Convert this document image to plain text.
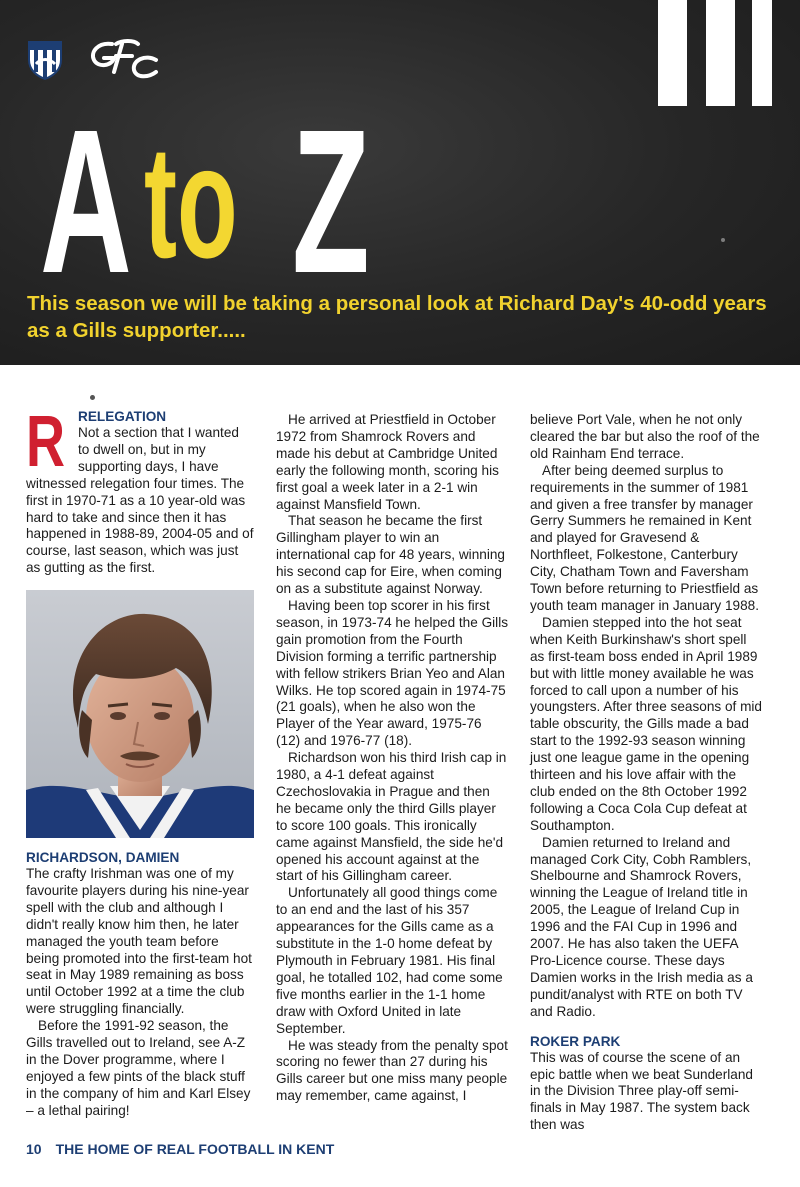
Ato Z
This season we will be taking a personal look at Richard Day's 40-odd years as a Gills supporter.....
R RELEGATION

Not a section that I wanted to dwell on, but in my supporting days, I have witnessed relegation four times. The first in 1970-71 as a 10 year-old was hard to take and since then it has happened in 1988-89, 2004-05 and of course, last season, which was just as gutting as the first.

RICHARDSON, DAMIEN

The crafty Irishman was one of my favourite players during his nine-year spell with the club and although I didn't really know him then, he later managed the youth team before being promoted into the first-team hot seat in May 1989 remaining as boss until October 1992 at a time the club were struggling financially.

Before the 1991-92 season, the Gills travelled out to Ireland, see A-Z in the Dover programme, where I enjoyed a few pints of the black stuff in the company of him and Karl Elsey – a lethal pairing!

He arrived at Priestfield in October 1972 from Shamrock Rovers and made his debut at Cambridge United early the following month, scoring his first goal a week later in a 2-1 win against Mansfield Town.

That season he became the first Gillingham player to win an international cap for 48 years, winning his second cap for Eire, when coming on as a substitute against Norway.

Having been top scorer in his first season, in 1973-74 he helped the Gills gain promotion from the Fourth Division forming a terrific partnership with fellow strikers Brian Yeo and Alan Wilks. He top scored again in 1974-75 (21 goals), when he also won the Player of the Year award, 1975-76 (12) and 1976-77 (18).

Richardson won his third Irish cap in 1980, a 4-1 defeat against Czechoslovakia in Prague and then he became only the third Gills player to score 100 goals. This ironically came against Mansfield, the side he'd opened his account against at the start of his Gillingham career.

Unfortunately all good things come to an end and the last of his 357 appearances for the Gills came as a substitute in the 1-0 home defeat by Plymouth in February 1981. His final goal, he totalled 102, had come some five months earlier in the 1-1 home draw with Oxford United in late September.

He was steady from the penalty spot scoring no fewer than 27 during his Gills career but one miss many people may remember, came against, I

believe Port Vale, when he not only cleared the bar but also the roof of the old Rainham End terrace.

After being deemed surplus to requirements in the summer of 1981 and given a free transfer by manager Gerry Summers he remained in Kent and played for Gravesend & Northfleet, Folkestone, Canterbury City, Chatham Town and Faversham Town before returning to Priestfield as youth team manager in January 1988.

Damien stepped into the hot seat when Keith Burkinshaw's short spell as first-team boss ended in April 1989 but with little money available he was forced to call upon a number of his youngsters. After three seasons of mid table obscurity, the Gills made a bad start to the 1992-93 season winning just one league game in the opening thirteen and his love affair with the club ended on the 8th October 1992 following a Coca Cola Cup defeat at Southampton.

Damien returned to Ireland and managed Cork City, Cobh Ramblers, Shelbourne and Shamrock Rovers, winning the League of Ireland title in 2005, the League of Ireland Cup in 1996 and the FAI Cup in 1996 and 2007. He has also taken the UEFA Pro-Licence course. These days Damien works in the Irish media as a pundit/analyst with RTE on both TV and Radio.

ROKER PARK

This was of course the scene of an epic battle when we beat Sunderland in the Division Three play-off semi-finals in May 1987. The system back then was

10 THE HOME OF REAL FOOTBALL IN KENT
